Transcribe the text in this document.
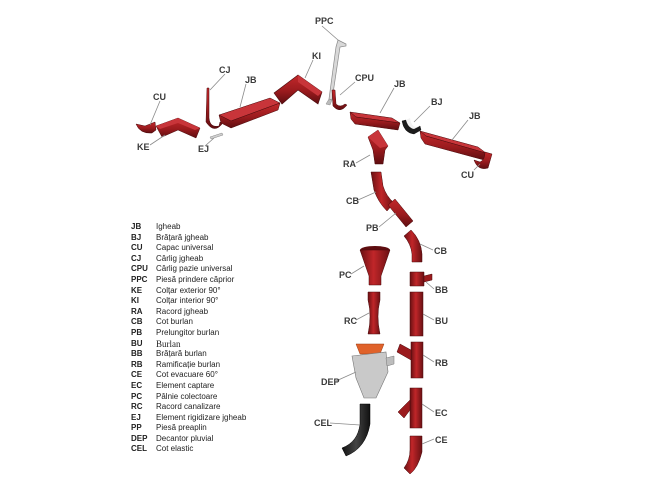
PPC
KI
CJ
JB	CPU
JB
CU	BJ
JB
KE	EJ
RA
CU
CB
PB
CB
PC
BB
RC	BU
RB
DEP
EC
CEL
CE
JB	Igheab
BJ	Brățară jgheab
CU	Capac universal
CJ	Cârlig jgheab
CPU	Cârlig pazie universal
PPC	Piesă prindere căprior
KE	Colțar exterior 90°
KI	Colțar interior 90°
RA	Racord jgheab
CB	Cot burlan
PB	Prelungitor burlan
BU	Burlan
BB	Brățară burlan
RB	Ramificație burlan
CE	Cot evacuare 60°
EC	Element captare
PC	Pâlnie colectoare
RC	Racord canalizare
EJ	Element rigidizare jgheab
PP	Piesă preaplin
DEP	Decantor pluvial
CEL	Cot elastic
